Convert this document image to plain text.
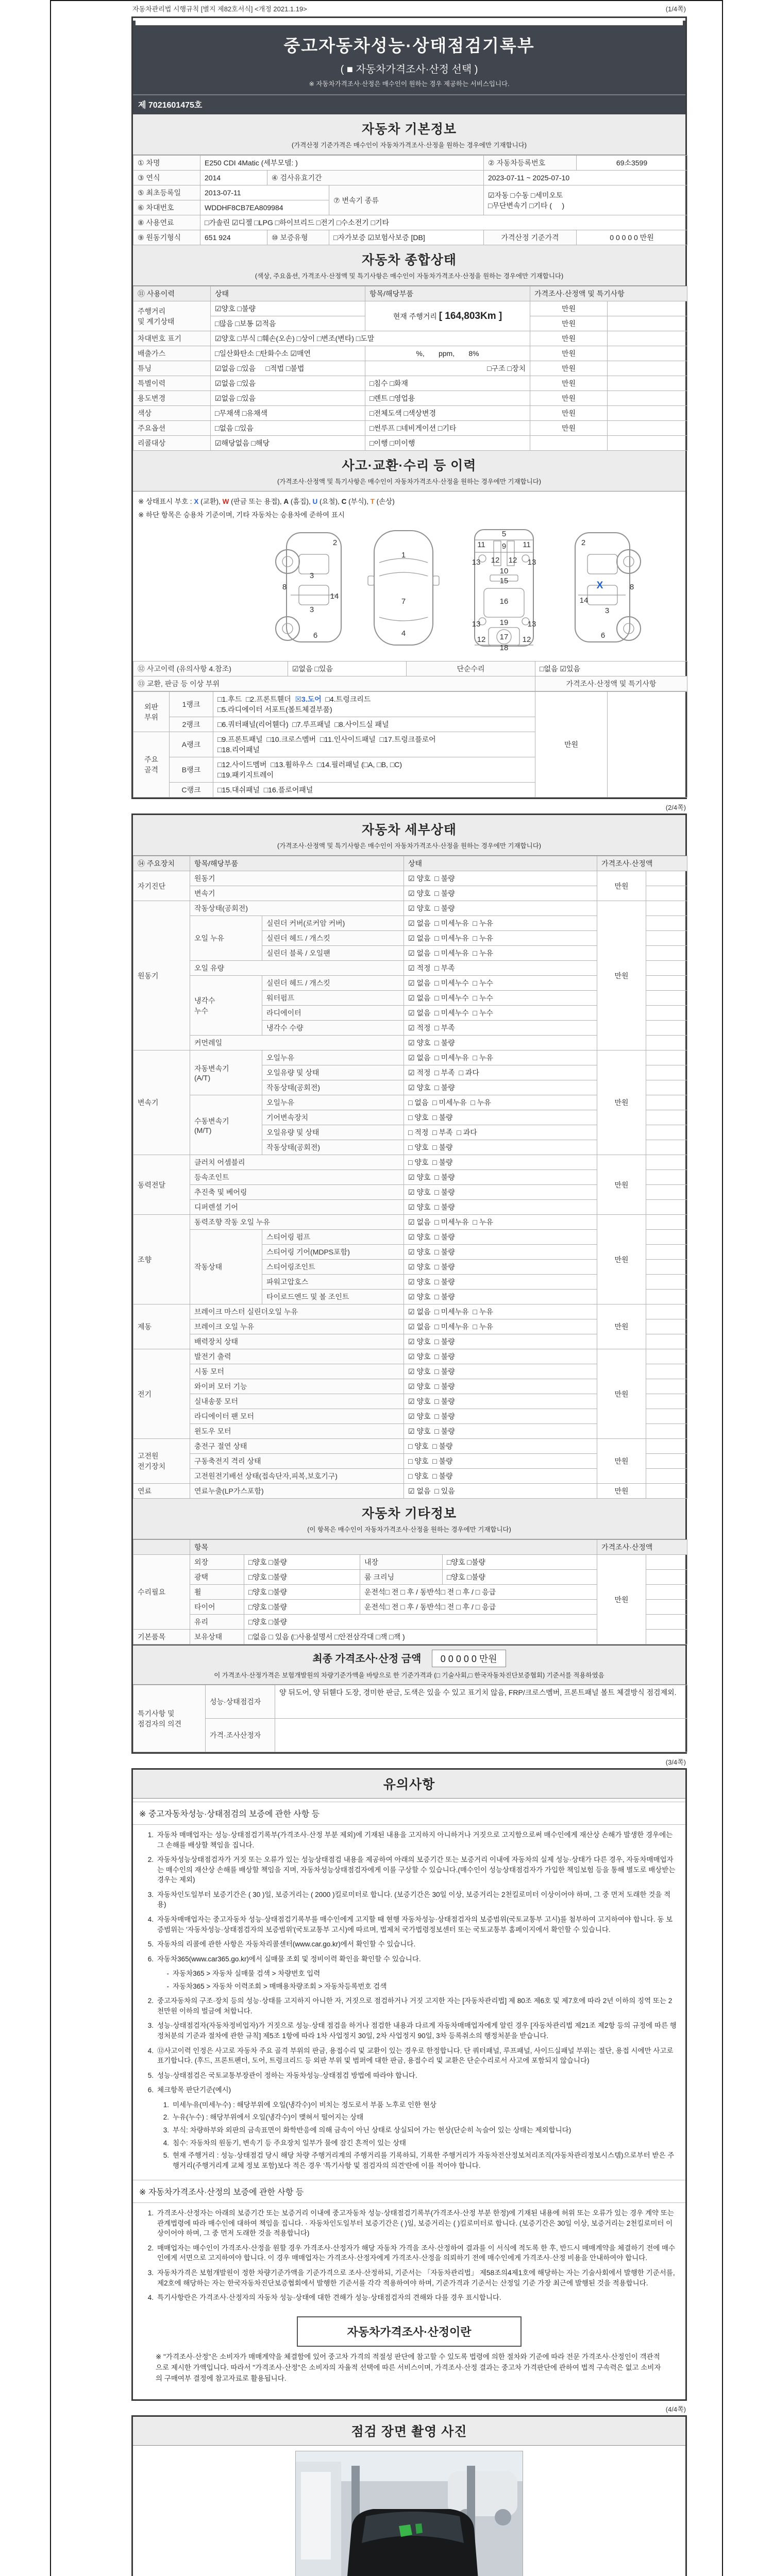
자동차관리법 시행규칙 [별지 제82호서식] <개정 2021.1.19>	(1/4쪽)
중고자동차성능·상태점검기록부
( ■ 자동차가격조사·산정 선택 )
※ 자동차가격조사·산정은 매수인이 원하는 경우 제공하는 서비스입니다.
제 7021601475호
자동차 기본정보
(가격산정 기준가격은 매수인이 자동차가격조사·산정을 원하는 경우에만 기재합니다)
① 차명	E250 CDI 4Matic (세부모델: )			② 자동차등록번호	69소3599
③ 연식	2014	④ 검사유효기간		2023-07-11 ~ 2025-07-10	
⑤ 최초등록일	2013-07-11		⑦ 변속기 종류	☑자동 □수동 □세미오토
□무단변속기 □기타 (     )	

⑥ 차대번호	WDDHF8CB7EA809984				
⑧ 사용연료	□가솔린 ☑디젤 □LPG □하이브리드 □전기 □수소전기 □기타				
⑨ 원동기형식	651 924	⑩ 보증유형	□자가보증 ☑보험사보증 [DB]	가격산정 기준가격	0 0 0 0 0 만원
자동차 종합상태
(색상, 주요옵션, 가격조사·산정액 및 특기사항은 매수인이 자동차가격조사·산정을 원하는 경우에만 기재합니다)
⑪ 사용이력	상태	항목/해당부품	가격조사·산정액 및 특기사항	

주행거리
및 계기상태	☑양호 □불량	현재 주행거리 [ 164,803Km ]	만원	
	□많음 □보통 ☑적음		만원	
차대번호 표기	☑양호 □부식 □훼손(오손) □상이 □변조(변타) □도말		만원	
배출가스	□일산화탄소 □탄화수소 ☑매연	%,       ppm,       8%	만원	
튜닝	☑없음 □있음     □적법 □불법	□구조 □장치	만원	
특별이력	☑없음 □있음	□침수 □화재	만원	
용도변경	☑없음 □있음	□렌트 □영업용	만원	
색상	□무채색 □유채색	□전체도색 □색상변경	만원	
주요옵션	□없음 □있음	□썬루프 □네비게이션 □기타	만원	
리콜대상	☑해당없음 □해당	□이행 □미이행		
사고·교환·수리 등 이력
(가격조사·산정액 및 특기사항은 매수인이 자동차가격조사·산정을 원하는 경우에만 기재합니다)
※ 상태표시 부호 : X (교환), W (판금 또는 용접), A (흠집), U (요철), C (부식), T (손상)
※ 하단 항목은 승용차 기준이며, 기타 자동차는 승용차에 준하여 표시
2
8
3
14
3
6
1
7
4
5
9
11	11
13	13
12 12
10
15
16
19
13	13
12	12
17
18
2
X	8
14
3
6
⑫ 사고이력 (유의사항 4.참조)	☑없음 □있음	단순수리	□없음 ☑있음
⑬ 교환, 판금 등 이상 부위			가격조사·산정액 및 특기사항
외판
부위
	1랭크	□1.후드  □2.프론트휀더  ☒3.도어  □4.트렁크리드
□5.라디에이터 서포트(볼트체결부품)	만원	
	2랭크	□6.쿼터패널(리어휀다)  □7.루프패널  □8.사이드실 패널		

주요
골격
	A랭크	
□9.프론트패널  □10.크로스멤버  □11.인사이드패널  □17.트렁크플로어
□18.리어패널

	B랭크	□12.사이드멤버  □13.휠하우스  □14.필러패널 (□A, □B, □C)
□19.패키지트레이		

	C랭크	□15.대쉬패널  □16.플로어패널		
(2/4쪽)
자동차 세부상태
(가격조사·산정액 및 특기사항은 매수인이 자동차가격조사·산정을 원하는 경우에만 기재합니다)
⑭ 주요장치	항목/해당부품		상태	가격조사·산정액	
자기진단	원동기		☑ 양호  □ 불량	만원	
	변속기		☑ 양호  □ 불량		
원동기	작동상태(공회전)		☑ 양호  □ 불량	만원	
	오일 누유	실린더 커버(로커암 커버)	☑ 없음  □ 미세누유  □ 누유		
		실린더 헤드 / 개스킷	☑ 없음  □ 미세누유  □ 누유		
		실린더 블록 / 오일팬	☑ 없음  □ 미세누유  □ 누유		
	오일 유량		☑ 적정  □ 부족		

	냉각수
누수	실린더 헤드 / 개스킷	☑ 없음  □ 미세누수  □ 누수		
		워터펌프	☑ 없음  □ 미세누수  □ 누수		
		라디에이터	☑ 없음  □ 미세누수  □ 누수		
		냉각수 수량	☑ 적정  □ 부족		
	커먼레일		☑ 양호  □ 불량		
변속기	자동변속기
(A/T)	오일누유	☑ 없음  □ 미세누유  □ 누유	만원	
		오일유량 및 상태	☑ 적정  □ 부족  □ 과다		
		작동상태(공회전)	☑ 양호  □ 불량		

	수동변속기
(M/T)	오일누유	□ 없음  □ 미세누유  □ 누유		
		기어변속장치	□ 양호  □ 불량		
		오일유량 및 상태	□ 적정  □ 부족  □ 과다		
		작동상태(공회전)	□ 양호  □ 불량		
동력전달	클러치 어셈블리		□ 양호  □ 불량	만원	
	등속조인트		☑ 양호  □ 불량		
	추진축 및 베어링		☑ 양호  □ 불량		
	디퍼렌셜 기어		☑ 양호  □ 불량		
조향	동력조향 작동 오일 누유		☑ 없음  □ 미세누유  □ 누유	만원	
	작동상태	스티어링 펌프	☑ 양호  □ 불량		
		스티어링 기어(MDPS포함)	☑ 양호  □ 불량		
		스티어링조인트	☑ 양호  □ 불량		
		파워고압호스	☑ 양호  □ 불량		
		타이로드엔드 및 볼 조인트	☑ 양호  □ 불량		
제동	브레이크 마스터 실린더오일 누유		☑ 없음  □ 미세누유  □ 누유	만원	
	브레이크 오일 누유		☑ 없음  □ 미세누유  □ 누유		
	배력장치 상태		☑ 양호  □ 불량		
전기	발전기 출력		☑ 양호  □ 불량	만원	
	시동 모터		☑ 양호  □ 불량		
	와이퍼 모터 기능		☑ 양호  □ 불량		
	실내송풍 모터		☑ 양호  □ 불량		
	라디에이터 팬 모터		☑ 양호  □ 불량		
	윈도우 모터		☑ 양호  □ 불량		

고전원
전기장치	충전구 절연 상태		□ 양호  □ 불량	만원	
	구동축전지 격리 상태		□ 양호  □ 불량		
	고전원전기배선 상태(접속단자,피복,보호기구)		□ 양호  □ 불량		
연료	연료누출(LP가스포함)		☑ 없음  □ 있음	만원	
자동차 기타정보
(이 항목은 매수인이 자동차가격조사·산정을 원하는 경우에만 기재합니다)
	항목				가격조사·산정액	
수리필요	외장	□양호 □불량	내장	□양호 □불량	만원	
	광택	□양호 □불량	룸 크리닝	□양호 □불량		
	휠	□양호 □불량	운전석□ 전 □ 후 / 동반석□ 전 □ 후 / □ 응급			
	타이어	□양호 □불량	운전석□ 전 □ 후 / 동반석□ 전 □ 후 / □ 응급			
	유리	□양호 □불량				
기본품목	보유상태	□없음 □ 있음 (□사용설명서 □안전삼각대 □잭 □잭 )				
최종 가격조사·산정 금액 0 0 0 0 0 만원
이 가격조사·산정가격은 보험개발원의 차량기준가액을 바탕으로 한 기준가격과 (□ 기술사회,□ 한국자동차진단보증협회) 기준서를 적용하였음
특기사항 및
점검자의 의견	성능·상태점검자	양 뒤도어, 양 뒤휀다 도장, 경미한 판금, 도색은 있을 수 있고 표기치 않음, FRP/크로스멤버, 프론트패널 볼트 체결방식 점검제외.
	가격·조사산정자	
(3/4쪽)
유의사항
※ 중고자동차성능·상태점검의 보증에 관한 사항 등
1. 자동차 매매업자는 성능·상태점검기록부(가격조사·산정 부분 제외)에 기재된 내용을 고지하지 아니하거나 거짓으로 고지함으로써 매수인에게 재산상 손해가 발생한 경우에는 그 손해를 배상할 책임을 집니다.
2. 자동차성능상태점검자가 거짓 또는 오류가 있는 성능상태점검 내용을 제공하여 아래의 보증기간 또는 보증거리 이내에 자동차의 실제 성능·상태가 다른 경우, 자동차매매업자는 매수인의 재산상 손해를 배상할 책임을 지며, 자동차성능상태점검자에게 이를 구상할 수 있습니다.(매수인이 성능상태점검자가 가입한 책임보험 등을 통해 별도로 배상받는 경우는 제외)
3. 자동차인도일부터 보증기간은 ( 30 )일, 보증거리는 ( 2000 )킬로미터로 합니다. (보증기간은 30일 이상, 보증거리는 2천킬로미터 이상이어야 하며, 그 중 먼저 도래한 것을 적용)
4. 자동차매매업자는 중고자동차 성능·상태점검기록부를 매수인에게 고지할 때 현행 자동차성능·상태점검자의 보증범위(국토교통부 고시)를 첨부하여 고지하여야 합니다. 동 보증범위는 '자동차성능·상태점검자의 보증범위'(국토교통부 고시)에 따르며, 법제처 국가법령정보센터 또는 국토교통부 홈페이지에서 확인할 수 있습니다.
5. 자동차의 리콜에 관한 사항은 자동차리콜센터(www.car.go.kr)에서 확인할 수 있습니다.
6. 자동차365(www.car365.go.kr)에서 실매물 조회 및 정비이력 확인을 확인할 수 있습니다.
- 자동차365 > 자동차 실매물 검색 > 차량번호 입력
- 자동차365 > 자동차 이력조회 > 매매용차량조회 > 자동차등록번호 검색
2. 중고자동차의 구조·장치 등의 성능·상태를 고지하지 아니한 자, 거짓으로 점검하거나 거짓 고지한 자는 [자동차관리법] 제 80조 제6호 및 제7호에 따라 2년 이하의 징역 또는 2천만원 이하의 벌금에 처합니다.
3. 성능·상태점검자(자동차정비업자)가 거짓으로 성능·상태 점검을 하거나 점검한 내용과 다르게 자동차매매업자에게 알린 경우 [자동차관리법 제21조 제2항 등의 규정에 따른 행정처분의 기준과 절차에 관한 규칙] 제5조 1항에 따라 1차 사업정지 30일, 2차 사업정지 90일, 3차 등록취소의 행정처분을 받습니다.
4. ⑫사고이력 인정은 사고로 자동차 주요 골격 부위의 판금, 용접수리 및 교환이 있는 경우로 한정합니다. 단 쿼터패널, 루프패널, 사이드실패널 부위는 절단, 용접 시에만 사고로 표기합니다. (후드, 프론트펜더, 도어, 트렁크리드 등 외판 부위 및 범퍼에 대한 판금, 용접수리 및 교환은 단순수리로서 사고에 포함되지 않습니다)
5. 성능·상태점검은 국토교통부장관이 정하는 자동차성능·상태점검 방법에 따라야 합니다.
6. 체크항목 판단기준(예시)
1. 미세누유(미세누수) : 해당부위에 오일(냉각수)이 비치는 정도로서 부품 노후로 인한 현상
2. 누유(누수) : 해당부위에서 오일(냉각수)이 맺혀서 떨어지는 상태
3. 부식: 차량하부와 외판의 금속표면이 화학반응에 의해 금속이 아닌 상태로 상실되어 가는 현상(단순히 녹슬어 있는 상태는 제외합니다)
4. 침수: 자동차의 원동기, 변속기 등 주요장치 일부가 물에 잠긴 흔적이 있는 상태
5. 현재 주행거리 : 성능·상태점검 당시 해당 차량 주행거리계의 주행거리를 기록하되, 기록한 주행거리가 자동차전산정보처리조직(자동차관리정보시스템)으로부터 받은 주행거리(주행거리계 교체 정보 포함)보다 적은 경우 '특기사항 및 점검자의 의견'란에 이를 적어야 합니다.
※ 자동차가격조사·산정의 보증에 관한 사항 등
1. 가격조사·산정자는 아래의 보증기간 또는 보증거리 이내에 중고자동차 성능·상태점검기록부(가격조사·산정 부분 한정)에 기재된 내용에 허위 또는 오류가 있는 경우 계약 또는 관계법령에 따라 매수인에 대하여 책임을 집니다. · 자동차인도일부터 보증기간은 ( )일, 보증거리는 ( )킬로미터로 합니다. (보증기간은 30일 이상, 보증거리는 2천킬로미터 이상이어야 하며, 그 중 먼저 도래한 것을 적용합니다)
2. 매매업자는 매수인이 가격조사·산정을 원할 경우 가격조사·산정자가 해당 자동차 가격을 조사·산정하여 결과를 이 서식에 적도록 한 후, 반드시 매매계약을 체결하기 전에 매수인에게 서면으로 고지하여야 합니다. 이 경우 매매업자는 가격조사·산정자에게 가격조사·산정을 의뢰하기 전에 매수인에게 가격조사·산정 비용을 안내하여야 합니다.
3. 자동차가격은 보험개발원이 정한 차량기준가액을 기준가격으로 조사·산정하되, 기준서는 「자동차관리법」 제58조의4제1호에 해당하는 자는 기술사회에서 발행한 기준서를, 제2호에 해당하는 자는 한국자동차진단보증협회에서 발행한 기준서를 각각 적용하여야 하며, 기준가격과 기준서는 산정일 기준 가장 최근에 발행된 것을 적용합니다.
4. 특기사항란은 가격조사·산정자의 자동차 성능·상태에 대한 견해가 성능·상태점검자의 견해와 다를 경우 표시합니다.
자동차가격조사·산정이란
※ "가격조사·산정"은 소비자가 매매계약을 체결함에 있어 중고차 가격의 적절성 판단에 참고할 수 있도록 법령에 의한 절차와 기준에 따라 전문 가격조사·산정인이 객관적으로 제시한 가액입니다. 따라서 "가격조사·산정"은 소비자의 자율적 선택에 따른 서비스이며, 가격조사·산정 결과는 중고차 가격판단에 관하여 법적 구속력은 없고 소비자의 구매여부 결정에 참고자료로 활용됩니다.
(4/4쪽)
점검 장면 촬영 사진
